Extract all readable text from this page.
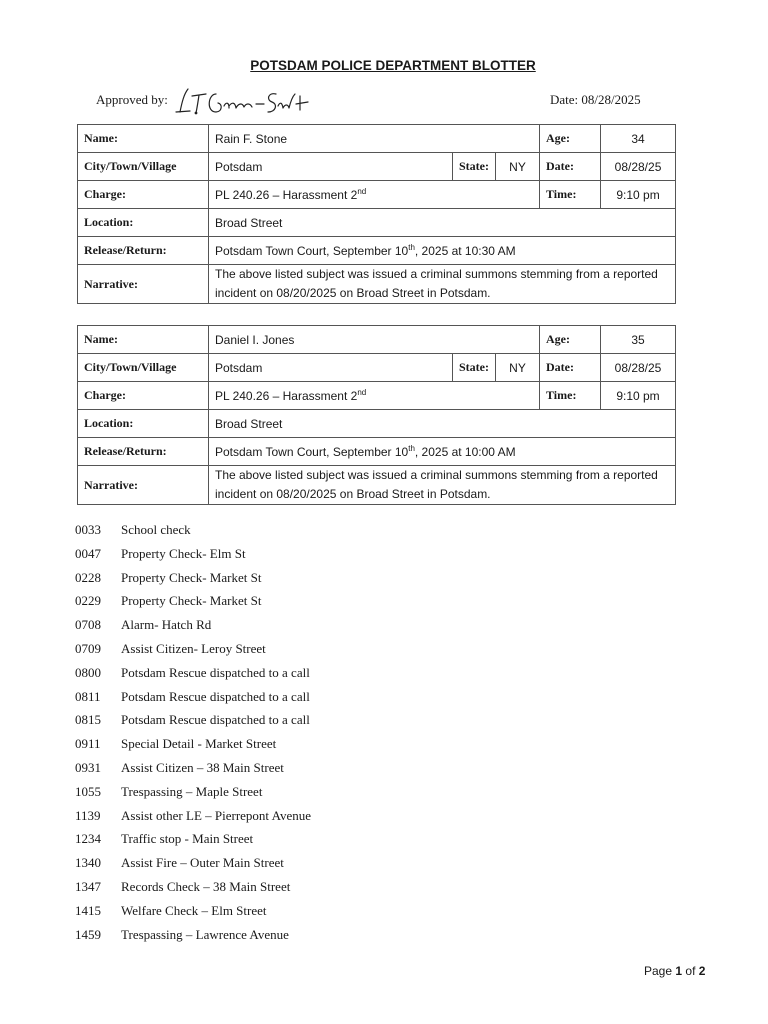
POTSDAM POLICE DEPARTMENT BLOTTER
Approved by:	Date: 08/28/2025
Name:	Rain F. Stone			Age:	34
City/Town/Village	Potsdam	State:	NY	Date:	08/28/25
Charge:	PL 240.26 – Harassment 2nd			Time:	9:10 pm
Location:	Broad Street				
Release/Return:	Potsdam Town Court, September 10th, 2025 at 10:30 AM				
Narrative:	The above listed subject was issued a criminal summons stemming from a reported incident on 08/20/2025 on Broad Street in Potsdam.				
Name:	Daniel I. Jones			Age:	35
City/Town/Village	Potsdam	State:	NY	Date:	08/28/25
Charge:	PL 240.26 – Harassment 2nd			Time:	9:10 pm
Location:	Broad Street				
Release/Return:	Potsdam Town Court, September 10th, 2025 at 10:00 AM				
Narrative:	The above listed subject was issued a criminal summons stemming from a reported incident on 08/20/2025 on Broad Street in Potsdam.				
0033 School check
0047 Property Check- Elm St
0228 Property Check- Market St
0229 Property Check- Market St
0708 Alarm- Hatch Rd
0709 Assist Citizen- Leroy Street
0800 Potsdam Rescue dispatched to a call
0811 Potsdam Rescue dispatched to a call
0815 Potsdam Rescue dispatched to a call
0911 Special Detail - Market Street
0931 Assist Citizen – 38 Main Street
1055 Trespassing – Maple Street
1139 Assist other LE – Pierrepont Avenue
1234 Traffic stop - Main Street
1340 Assist Fire – Outer Main Street
1347 Records Check – 38 Main Street
1415 Welfare Check – Elm Street
1459 Trespassing – Lawrence Avenue
Page 1 of 2
